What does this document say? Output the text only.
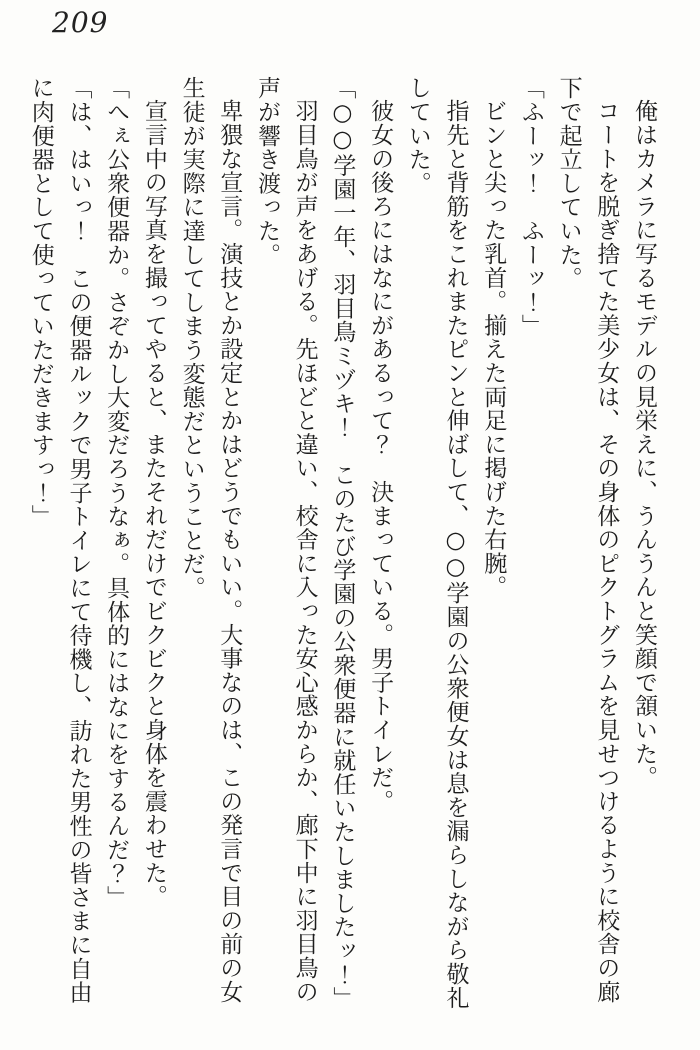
209

俺はカメラに写るモデルの見栄えに、うんうんと笑顔で頷いた。

コートを脱ぎ捨てた美少女は、その身体のピクトグラムを見せつけるように校舎の廊下で起立していた。

「ふーッ！　ふーッ！」

ビンと尖った乳首。揃えた両足に掲げた右腕。

指先と背筋をこれまたピンと伸ばして、○○学園の公衆便女は息を漏らしながら敬礼していた。

彼女の後ろにはなにがあるって？　決まっている。男子トイレだ。

「○○学園一年、羽目鳥ミヅキ！　このたび学園の公衆便器に就任いたしましたッ！」

羽目鳥が声をあげる。先ほどと違い、校舎に入った安心感からか、廊下中に羽目鳥の声が響き渡った。

卑猥な宣言。演技とか設定とかはどうでもいい。大事なのは、この発言で目の前の女生徒が実際に達してしまう変態だということだ。

宣言中の写真を撮ってやると、またそれだけでビクビクと身体を震わせた。

「へぇ公衆便器か。さぞかし大変だろうなぁ。具体的にはなにをするんだ？」

「は、はいっ！　この便器ルックで男子トイレにて待機し、訪れた男性の皆さまに自由に肉便器として使っていただきますっ！」
